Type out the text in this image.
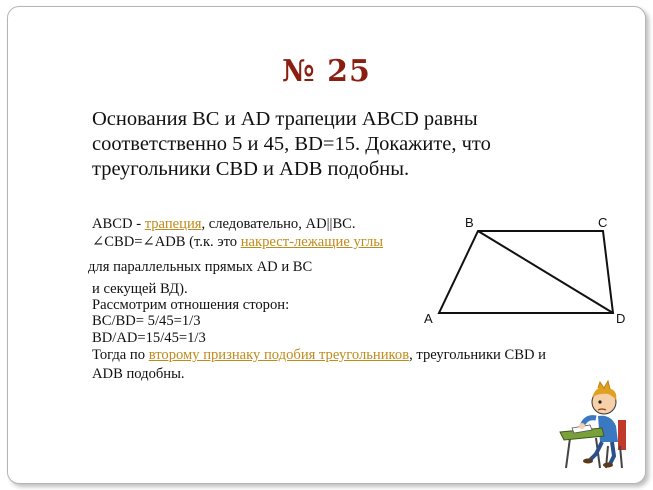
№ 25
Основания ВС и AD трапеции ABCD равны соответственно 5 и 45, BD=15. Докажите, что треугольники CBD и ADB подобны.
ABCD - трапеция, следовательно, AD||BC.
∠CBD=∠ADB (т.к. это накрест-лежащие углы
для параллельных прямых AD и BC
и секущей ВД).
Рассмотрим отношения сторон:
BC/BD= 5/45=1/3
BD/AD=15/45=1/3
Тогда по второму признаку подобия треугольников, треугольники CBD и
ADB подобны.
B	C
A	D
